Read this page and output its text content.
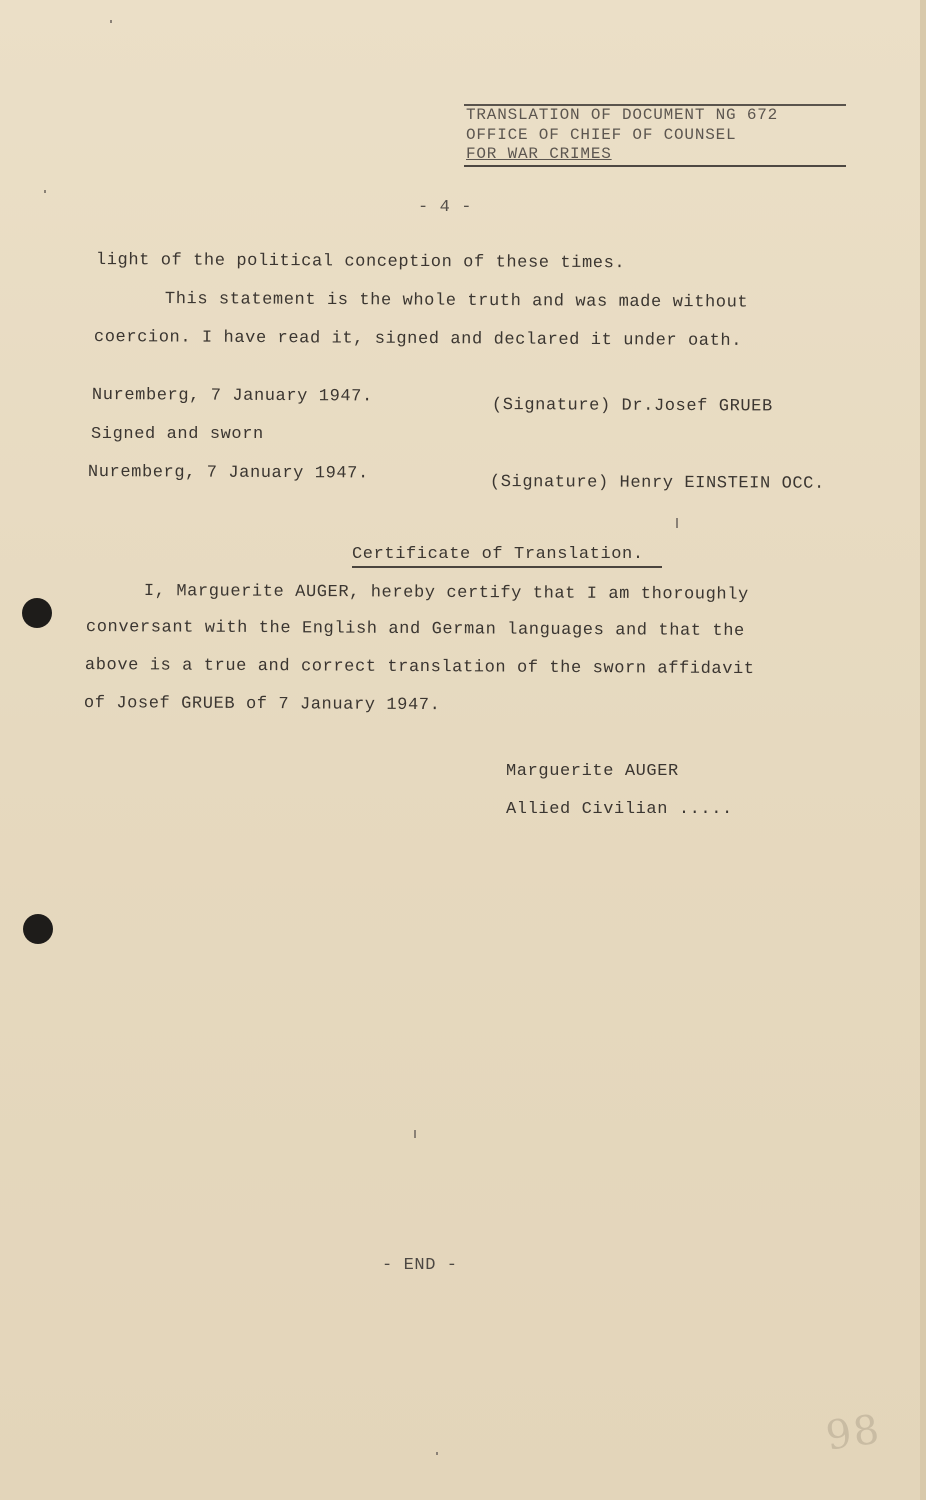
TRANSLATION OF DOCUMENT NG 672
OFFICE OF CHIEF OF COUNSEL
FOR WAR CRIMES
- 4 -
light of the political conception of these times.
This statement is the whole truth and was made without
coercion. I have read it, signed and declared it under oath.
Nuremberg, 7 January 1947.	(Signature) Dr.Josef GRUEB
Signed and sworn
Nuremberg, 7 January 1947.	(Signature) Henry EINSTEIN OCC.
Certificate of Translation.
I, Marguerite AUGER, hereby certify that I am thoroughly
conversant with the English and German languages and that the
above is a true and correct translation of the sworn affidavit
of Josef GRUEB of 7 January 1947.
Marguerite AUGER
Allied Civilian .....
- END -
98
